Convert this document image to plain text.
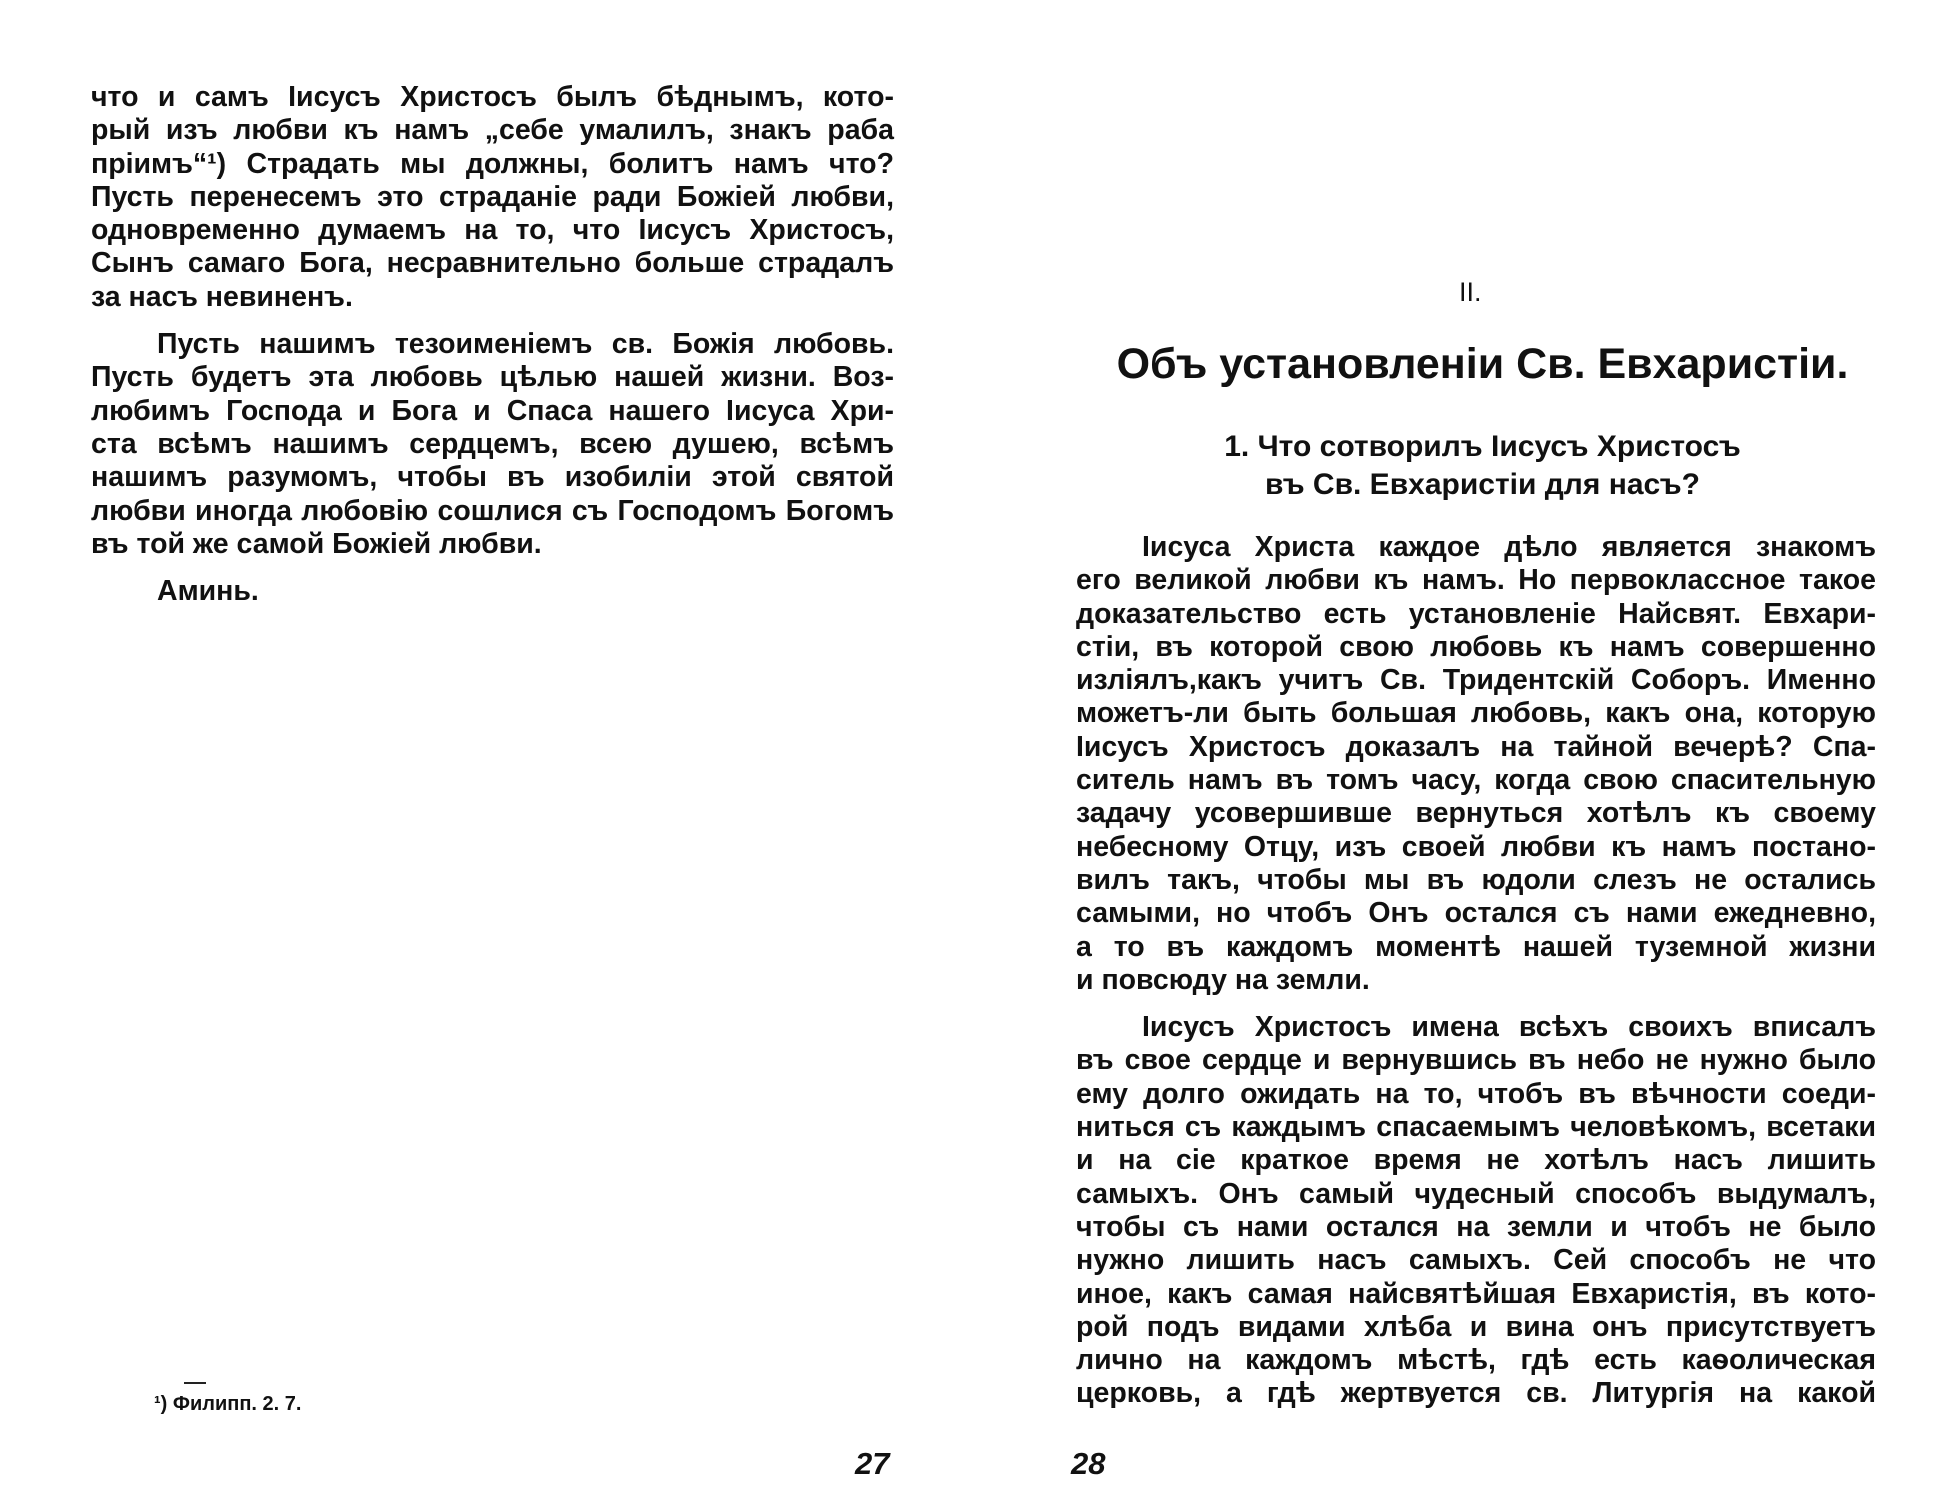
что и самъ Іисусъ Христосъ былъ бѣднымъ, кото-
рый изъ любви къ намъ „себе умалилъ, знакъ раба
пріимъ“¹) Страдать мы должны, болитъ намъ что?
Пусть перенесемъ это страданіе ради Божіей любви,
одновременно думаемъ на то, что Іисусъ Христосъ,
Сынъ самаго Бога, несравнительно больше страдалъ
за насъ невиненъ.
Пусть нашимъ тезоименіемъ св. Божія любовь.
Пусть будетъ эта любовь цѣлью нашей жизни. Воз-
любимъ Господа и Бога и Спаса нашего Іисуса Хри-
ста всѣмъ нашимъ сердцемъ, всею душею, всѣмъ
нашимъ разумомъ, чтобы въ изобиліи этой святой
любви иногда любовію сошлися съ Господомъ Богомъ
въ той же самой Божіей любви.
Аминь.
¹) Филипп. 2. 7.
27
II.
Объ установленіи Св. Евхаристіи.
1. Что сотворилъ Іисусъ Христосъ
въ Св. Евхаристіи для насъ?
Іисуса Христа каждое дѣло является знакомъ
его великой любви къ намъ. Но первоклассное такое
доказательство есть установленіе Найсвят. Евхари-
стіи, въ которой свою любовь къ намъ совершенно
изліялъ,какъ учитъ Св. Тридентскій Соборъ. Именно
можетъ-ли быть большая любовь, какъ она, которую
Іисусъ Христосъ доказалъ на тайной вечерѣ? Спа-
ситель намъ въ томъ часу, когда свою спасительную
задачу усовершивше вернуться хотѣлъ къ своему
небесному Отцу, изъ своей любви къ намъ постано-
вилъ такъ, чтобы мы въ юдоли слезъ не остались
самыми, но чтобъ Онъ остался съ нами ежедневно,
а то въ каждомъ моментѣ нашей туземной жизни
и повсюду на земли.
Іисусъ Христосъ имена всѣхъ своихъ вписалъ
въ свое сердце и вернувшись въ небо не нужно было
ему долго ожидать на то, чтобъ въ вѣчности соеди-
ниться съ каждымъ спасаемымъ человѣкомъ, всетаки
и на сіе краткое время не хотѣлъ насъ лишить
самыхъ. Онъ самый чудесный способъ выдумалъ,
чтобы съ нами остался на земли и чтобъ не было
нужно лишить насъ самыхъ. Сей способъ не что
иное, какъ самая найсвятѣйшая Евхаристія, въ кото-
рой подъ видами хлѣба и вина онъ присутствуетъ
лично на каждомъ мѣстѣ, гдѣ есть каѳолическая
церковь, а гдѣ жертвуется св. Литургія на какой
28
